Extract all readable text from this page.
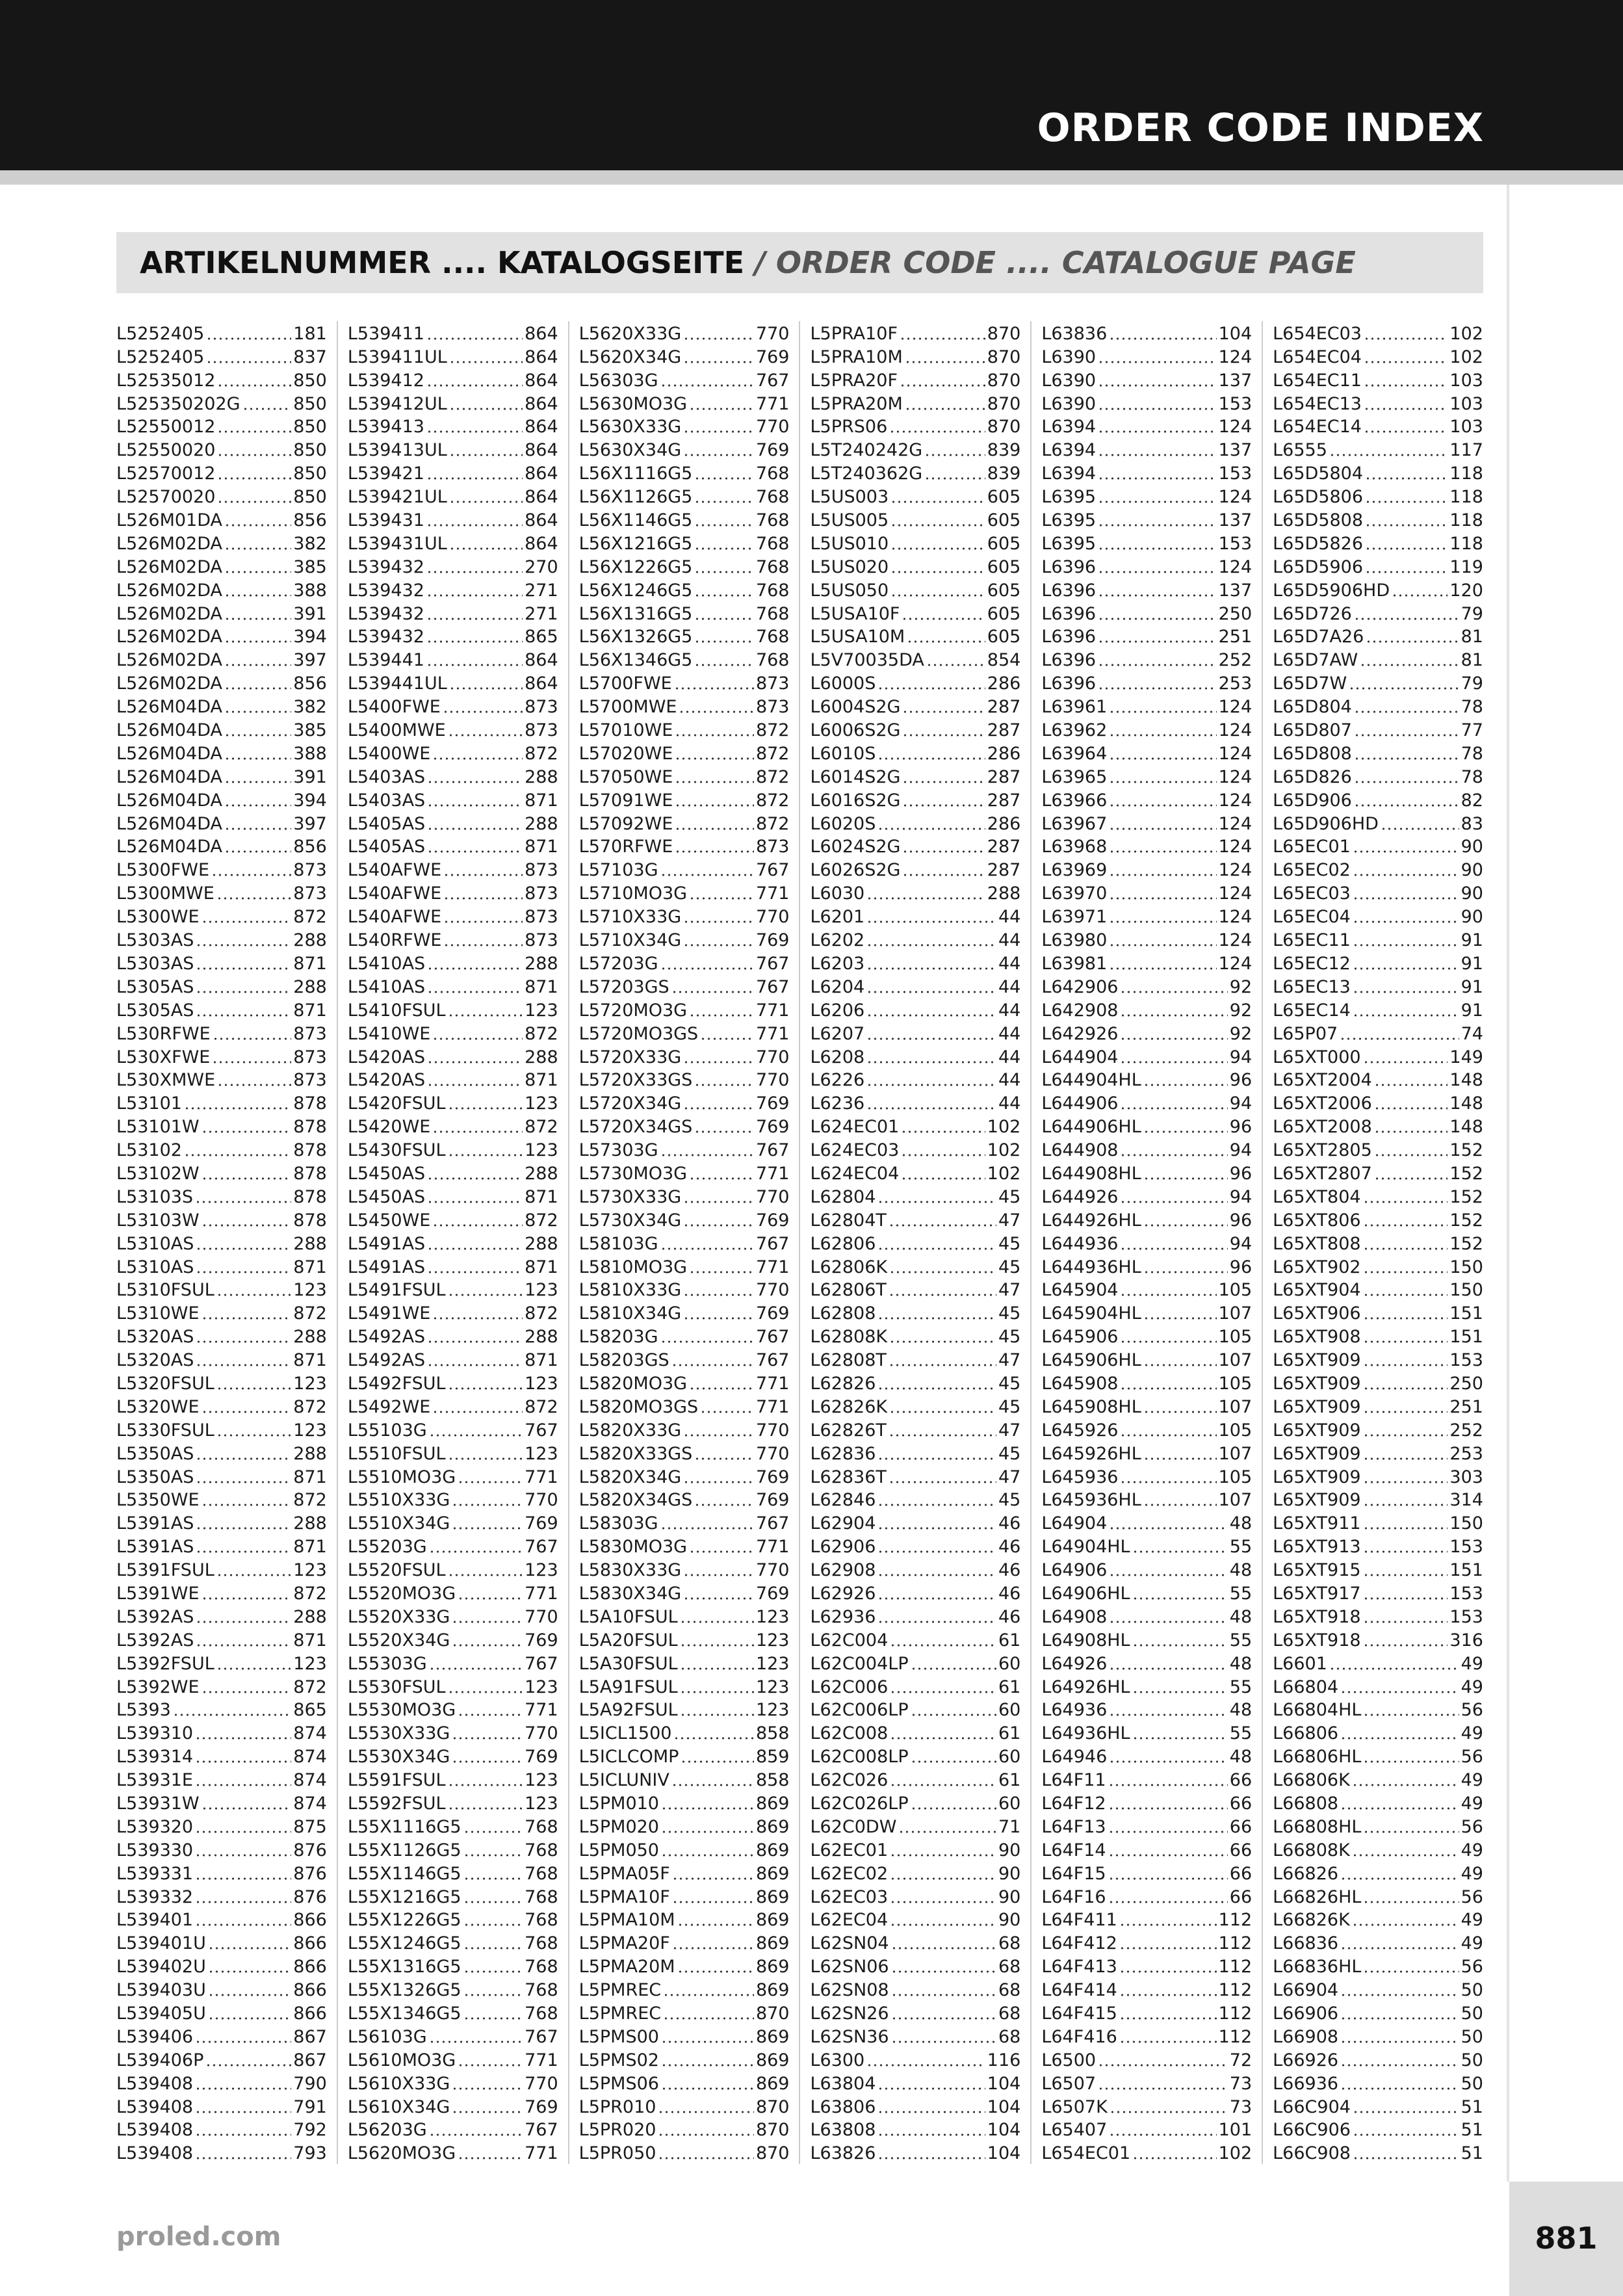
ORDER CODE INDEX
ARTIKELNUMMER .... KATALOGSEITE / ORDER CODE .... CATALOGUE PAGE
L5252405	181
L5252405	837
L52535012	850
L525350202G	850
L52550012	850
L52550020	850
L52570012	850
L52570020	850
L526M01DA	856
L526M02DA	382
L526M02DA	385
L526M02DA	388
L526M02DA	391
L526M02DA	394
L526M02DA	397
L526M02DA	856
L526M04DA	382
L526M04DA	385
L526M04DA	388
L526M04DA	391
L526M04DA	394
L526M04DA	397
L526M04DA	856
L5300FWE	873
L5300MWE	873
L5300WE	872
L5303AS	288
L5303AS	871
L5305AS	288
L5305AS	871
L530RFWE	873
L530XFWE	873
L530XMWE	873
L53101	878
L53101W	878
L53102	878
L53102W	878
L53103S	878
L53103W	878
L5310AS	288
L5310AS	871
L5310FSUL	123
L5310WE	872
L5320AS	288
L5320AS	871
L5320FSUL	123
L5320WE	872
L5330FSUL	123
L5350AS	288
L5350AS	871
L5350WE	872
L5391AS	288
L5391AS	871
L5391FSUL	123
L5391WE	872
L5392AS	288
L5392AS	871
L5392FSUL	123
L5392WE	872
L5393	865
L539310	874
L539314	874
L53931E	874
L53931W	874
L539320	875
L539330	876
L539331	876
L539332	876
L539401	866
L539401U	866
L539402U	866
L539403U	866
L539405U	866
L539406	867
L539406P	867
L539408	790
L539408	791
L539408	792
L539408	793
L539411	864
L539411UL	864
L539412	864
L539412UL	864
L539413	864
L539413UL	864
L539421	864
L539421UL	864
L539431	864
L539431UL	864
L539432	270
L539432	271
L539432	271
L539432	865
L539441	864
L539441UL	864
L5400FWE	873
L5400MWE	873
L5400WE	872
L5403AS	288
L5403AS	871
L5405AS	288
L5405AS	871
L540AFWE	873
L540AFWE	873
L540AFWE	873
L540RFWE	873
L5410AS	288
L5410AS	871
L5410FSUL	123
L5410WE	872
L5420AS	288
L5420AS	871
L5420FSUL	123
L5420WE	872
L5430FSUL	123
L5450AS	288
L5450AS	871
L5450WE	872
L5491AS	288
L5491AS	871
L5491FSUL	123
L5491WE	872
L5492AS	288
L5492AS	871
L5492FSUL	123
L5492WE	872
L55103G	767
L5510FSUL	123
L5510MO3G	771
L5510X33G	770
L5510X34G	769
L55203G	767
L5520FSUL	123
L5520MO3G	771
L5520X33G	770
L5520X34G	769
L55303G	767
L5530FSUL	123
L5530MO3G	771
L5530X33G	770
L5530X34G	769
L5591FSUL	123
L5592FSUL	123
L55X1116G5	768
L55X1126G5	768
L55X1146G5	768
L55X1216G5	768
L55X1226G5	768
L55X1246G5	768
L55X1316G5	768
L55X1326G5	768
L55X1346G5	768
L56103G	767
L5610MO3G	771
L5610X33G	770
L5610X34G	769
L56203G	767
L5620MO3G	771
L5620X33G	770
L5620X34G	769
L56303G	767
L5630MO3G	771
L5630X33G	770
L5630X34G	769
L56X1116G5	768
L56X1126G5	768
L56X1146G5	768
L56X1216G5	768
L56X1226G5	768
L56X1246G5	768
L56X1316G5	768
L56X1326G5	768
L56X1346G5	768
L5700FWE	873
L5700MWE	873
L57010WE	872
L57020WE	872
L57050WE	872
L57091WE	872
L57092WE	872
L570RFWE	873
L57103G	767
L5710MO3G	771
L5710X33G	770
L5710X34G	769
L57203G	767
L57203GS	767
L5720MO3G	771
L5720MO3GS	771
L5720X33G	770
L5720X33GS	770
L5720X34G	769
L5720X34GS	769
L57303G	767
L5730MO3G	771
L5730X33G	770
L5730X34G	769
L58103G	767
L5810MO3G	771
L5810X33G	770
L5810X34G	769
L58203G	767
L58203GS	767
L5820MO3G	771
L5820MO3GS	771
L5820X33G	770
L5820X33GS	770
L5820X34G	769
L5820X34GS	769
L58303G	767
L5830MO3G	771
L5830X33G	770
L5830X34G	769
L5A10FSUL	123
L5A20FSUL	123
L5A30FSUL	123
L5A91FSUL	123
L5A92FSUL	123
L5ICL1500	858
L5ICLCOMP	859
L5ICLUNIV	858
L5PM010	869
L5PM020	869
L5PM050	869
L5PMA05F	869
L5PMA10F	869
L5PMA10M	869
L5PMA20F	869
L5PMA20M	869
L5PMREC	869
L5PMREC	870
L5PMS00	869
L5PMS02	869
L5PMS06	869
L5PR010	870
L5PR020	870
L5PR050	870
L5PRA10F	870
L5PRA10M	870
L5PRA20F	870
L5PRA20M	870
L5PRS06	870
L5T240242G	839
L5T240362G	839
L5US003	605
L5US005	605
L5US010	605
L5US020	605
L5US050	605
L5USA10F	605
L5USA10M	605
L5V70035DA	854
L6000S	286
L6004S2G	287
L6006S2G	287
L6010S	286
L6014S2G	287
L6016S2G	287
L6020S	286
L6024S2G	287
L6026S2G	287
L6030	288
L6201	44
L6202	44
L6203	44
L6204	44
L6206	44
L6207	44
L6208	44
L6226	44
L6236	44
L624EC01	102
L624EC03	102
L624EC04	102
L62804	45
L62804T	47
L62806	45
L62806K	45
L62806T	47
L62808	45
L62808K	45
L62808T	47
L62826	45
L62826K	45
L62826T	47
L62836	45
L62836T	47
L62846	45
L62904	46
L62906	46
L62908	46
L62926	46
L62936	46
L62C004	61
L62C004LP	60
L62C006	61
L62C006LP	60
L62C008	61
L62C008LP	60
L62C026	61
L62C026LP	60
L62C0DW	71
L62EC01	90
L62EC02	90
L62EC03	90
L62EC04	90
L62SN04	68
L62SN06	68
L62SN08	68
L62SN26	68
L62SN36	68
L6300	116
L63804	104
L63806	104
L63808	104
L63826	104
L63836	104
L6390	124
L6390	137
L6390	153
L6394	124
L6394	137
L6394	153
L6395	124
L6395	137
L6395	153
L6396	124
L6396	137
L6396	250
L6396	251
L6396	252
L6396	253
L63961	124
L63962	124
L63964	124
L63965	124
L63966	124
L63967	124
L63968	124
L63969	124
L63970	124
L63971	124
L63980	124
L63981	124
L642906	92
L642908	92
L642926	92
L644904	94
L644904HL	96
L644906	94
L644906HL	96
L644908	94
L644908HL	96
L644926	94
L644926HL	96
L644936	94
L644936HL	96
L645904	105
L645904HL	107
L645906	105
L645906HL	107
L645908	105
L645908HL	107
L645926	105
L645926HL	107
L645936	105
L645936HL	107
L64904	48
L64904HL	55
L64906	48
L64906HL	55
L64908	48
L64908HL	55
L64926	48
L64926HL	55
L64936	48
L64936HL	55
L64946	48
L64F11	66
L64F12	66
L64F13	66
L64F14	66
L64F15	66
L64F16	66
L64F411	112
L64F412	112
L64F413	112
L64F414	112
L64F415	112
L64F416	112
L6500	72
L6507	73
L6507K	73
L65407	101
L654EC01	102
L654EC03	102
L654EC04	102
L654EC11	103
L654EC13	103
L654EC14	103
L6555	117
L65D5804	118
L65D5806	118
L65D5808	118
L65D5826	118
L65D5906	119
L65D5906HD	120
L65D726	79
L65D7A26	81
L65D7AW	81
L65D7W	79
L65D804	78
L65D807	77
L65D808	78
L65D826	78
L65D906	82
L65D906HD	83
L65EC01	90
L65EC02	90
L65EC03	90
L65EC04	90
L65EC11	91
L65EC12	91
L65EC13	91
L65EC14	91
L65P07	74
L65XT000	149
L65XT2004	148
L65XT2006	148
L65XT2008	148
L65XT2805	152
L65XT2807	152
L65XT804	152
L65XT806	152
L65XT808	152
L65XT902	150
L65XT904	150
L65XT906	151
L65XT908	151
L65XT909	153
L65XT909	250
L65XT909	251
L65XT909	252
L65XT909	253
L65XT909	303
L65XT909	314
L65XT911	150
L65XT913	153
L65XT915	151
L65XT917	153
L65XT918	153
L65XT918	316
L6601	49
L66804	49
L66804HL	56
L66806	49
L66806HL	56
L66806K	49
L66808	49
L66808HL	56
L66808K	49
L66826	49
L66826HL	56
L66826K	49
L66836	49
L66836HL	56
L66904	50
L66906	50
L66908	50
L66926	50
L66936	50
L66C904	51
L66C906	51
L66C908	51
proled.com	881
